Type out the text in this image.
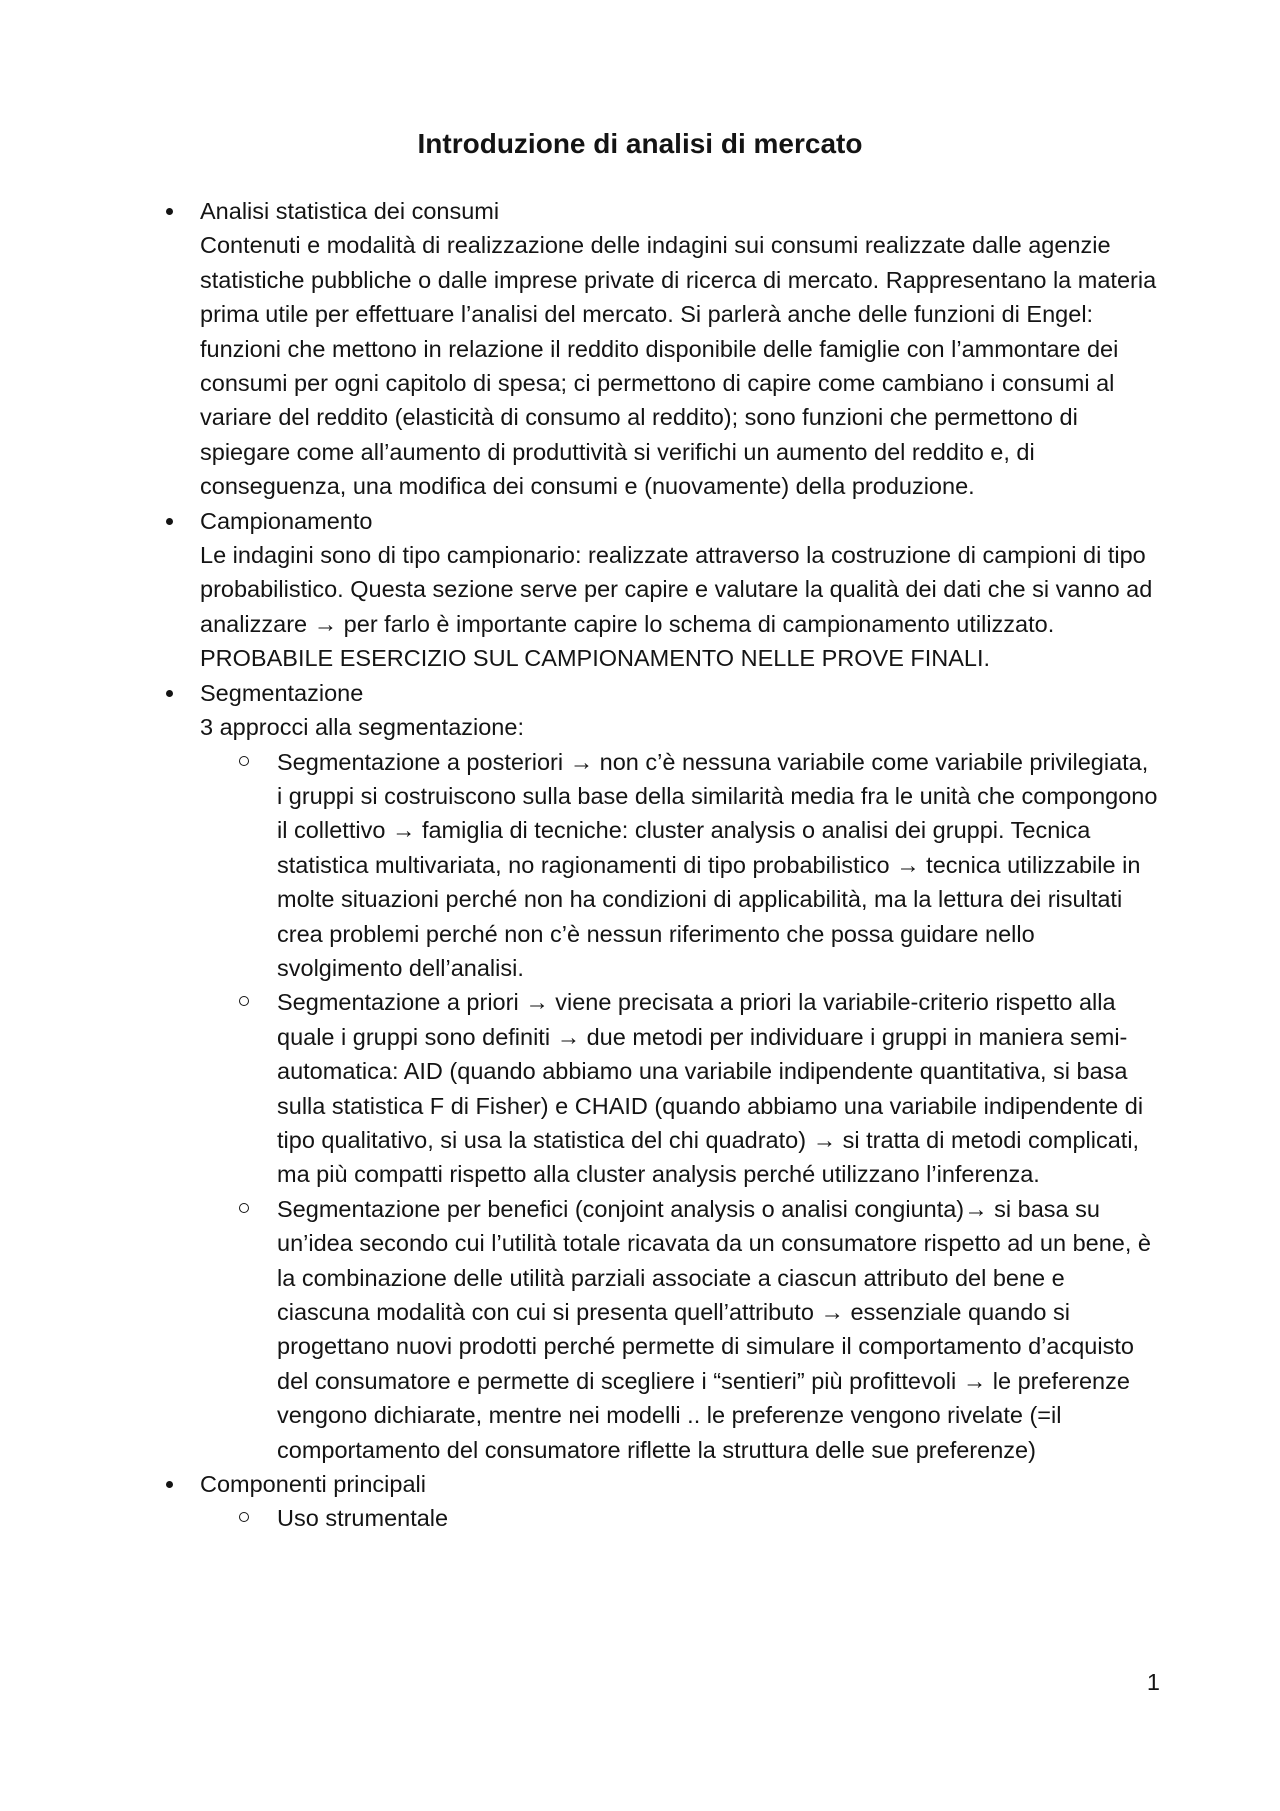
Introduzione di analisi di mercato
Analisi statistica dei consumi
Contenuti e modalità di realizzazione delle indagini sui consumi realizzate dalle agenzie statistiche pubbliche o dalle imprese private di ricerca di mercato. Rappresentano la materia prima utile per effettuare l’analisi del mercato. Si parlerà anche delle funzioni di Engel: funzioni che mettono in relazione il reddito disponibile delle famiglie con l’ammontare dei consumi per ogni capitolo di spesa; ci permettono di capire come cambiano i consumi al variare del reddito (elasticità di consumo al reddito); sono funzioni che permettono di spiegare come all’aumento di produttività si verifichi un aumento del reddito e, di conseguenza, una modifica dei consumi e (nuovamente) della produzione.
Campionamento
Le indagini sono di tipo campionario: realizzate attraverso la costruzione di campioni di tipo probabilistico. Questa sezione serve per capire e valutare la qualità dei dati che si vanno ad analizzare → per farlo è importante capire lo schema di campionamento utilizzato. PROBABILE ESERCIZIO SUL CAMPIONAMENTO NELLE PROVE FINALI.
Segmentazione
3 approcci alla segmentazione:
Segmentazione a posteriori → non c’è nessuna variabile come variabile privilegiata, i gruppi si costruiscono sulla base della similarità media fra le unità che compongono il collettivo → famiglia di tecniche: cluster analysis o analisi dei gruppi. Tecnica statistica multivariata, no ragionamenti di tipo probabilistico → tecnica utilizzabile in molte situazioni perché non ha condizioni di applicabilità, ma la lettura dei risultati crea problemi perché non c’è nessun riferimento che possa guidare nello svolgimento dell’analisi.
Segmentazione a priori → viene precisata a priori la variabile-criterio rispetto alla quale i gruppi sono definiti → due metodi per individuare i gruppi in maniera semi-automatica: AID (quando abbiamo una variabile indipendente quantitativa, si basa sulla statistica F di Fisher) e CHAID (quando abbiamo una variabile indipendente di tipo qualitativo, si usa la statistica del chi quadrato) → si tratta di metodi complicati, ma più compatti rispetto alla cluster analysis perché utilizzano l’inferenza.
Segmentazione per benefici (conjoint analysis o analisi congiunta)→ si basa su un’idea secondo cui l’utilità totale ricavata da un consumatore rispetto ad un bene, è la combinazione delle utilità parziali associate a ciascun attributo del bene e ciascuna modalità con cui si presenta quell’attributo → essenziale quando si progettano nuovi prodotti perché permette di simulare il comportamento d’acquisto del consumatore e permette di scegliere i “sentieri” più profittevoli → le preferenze vengono dichiarate, mentre nei modelli .. le preferenze vengono rivelate (=il comportamento del consumatore riflette la struttura delle sue preferenze)
Componenti principali
Uso strumentale
1
